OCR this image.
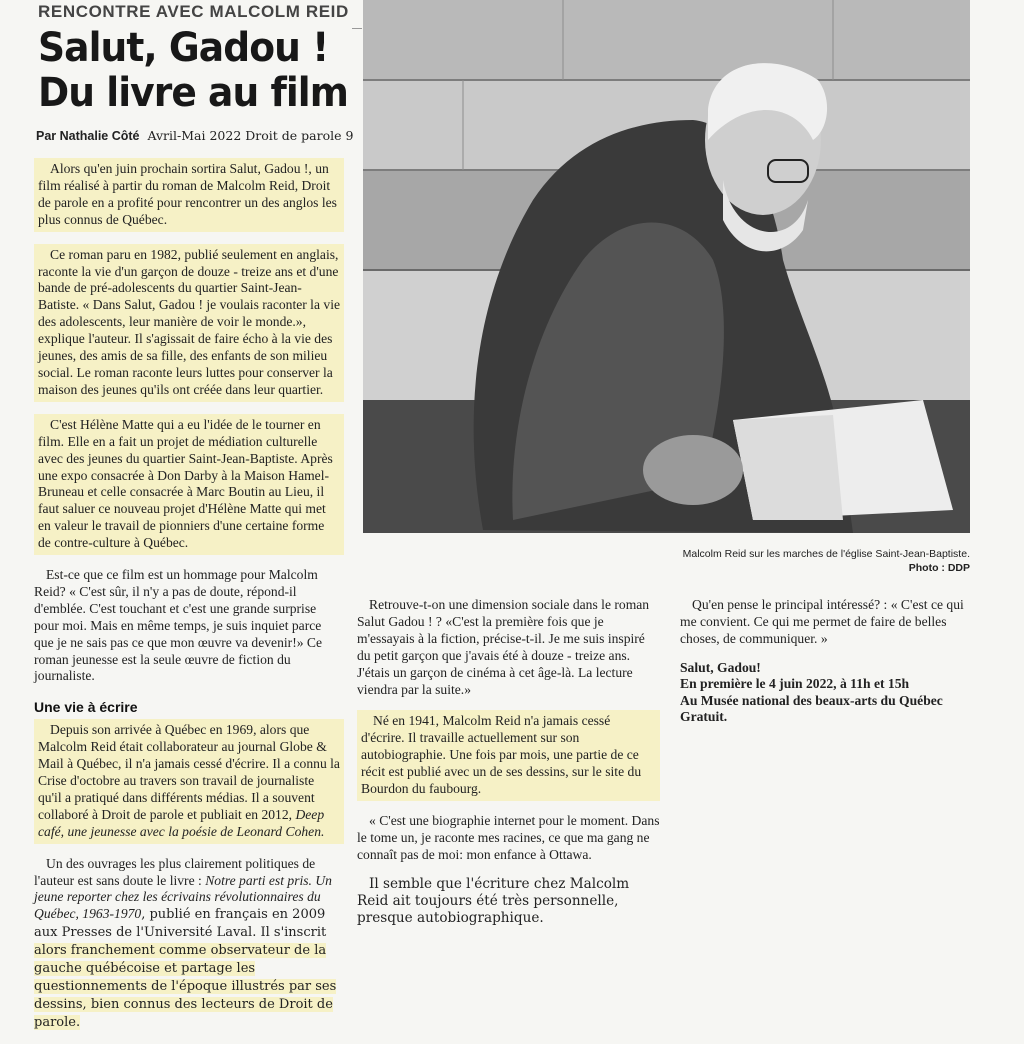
RENCONTRE AVEC MALCOLM REID
Salut, Gadou !
Du livre au film
Par Nathalie Côté Avril-Mai 2022 Droit de parole 9

Alors qu'en juin prochain sortira Salut, Gadou !, un film réalisé à partir du roman de Malcolm Reid, Droit de parole en a profité pour rencontrer un des anglos les plus connus de Québec.

Ce roman paru en 1982, publié seulement en anglais, raconte la vie d'un garçon de douze - treize ans et d'une bande de pré-adolescents du quartier Saint-Jean-Batiste. « Dans Salut, Gadou ! je voulais raconter la vie des adolescents, leur manière de voir le monde.», explique l'auteur. Il s'agissait de faire écho à la vie des jeunes, des amis de sa fille, des enfants de son milieu social. Le roman raconte leurs luttes pour conserver la maison des jeunes qu'ils ont créée dans leur quartier.

C'est Hélène Matte qui a eu l'idée de le tourner en film. Elle en a fait un projet de médiation culturelle avec des jeunes du quartier Saint-Jean-Baptiste. Après une expo consacrée à Don Darby à la Maison Hamel-Bruneau et celle consacrée à Marc Boutin au Lieu, il faut saluer ce nouveau projet d'Hélène Matte qui met en valeur le travail de pionniers d'une certaine forme de contre-culture à Québec.

Est-ce que ce film est un hommage pour Malcolm Reid? « C'est sûr, il n'y a pas de doute, répond-il d'emblée. C'est touchant et c'est une grande surprise pour moi. Mais en même temps, je suis inquiet parce que je ne sais pas ce que mon œuvre va devenir!» Ce roman jeunesse est la seule œuvre de fiction du journaliste.

Une vie à écrire

Depuis son arrivée à Québec en 1969, alors que Malcolm Reid était collaborateur au journal Globe & Mail à Québec, il n'a jamais cessé d'écrire. Il a connu la Crise d'octobre au travers son travail de journaliste qu'il a pratiqué dans différents médias. Il a souvent collaboré à Droit de parole et publiait en 2012, Deep café, une jeunesse avec la poésie de Leonard Cohen.

Un des ouvrages les plus clairement politiques de l'auteur est sans doute le livre : Notre parti est pris. Un jeune reporter chez les écrivains révolutionnaires du Québec, 1963-1970, publié en français en 2009 aux Presses de l'Université Laval. Il s'inscrit alors franchement comme observateur de la gauche québécoise et partage les questionnements de l'époque illustrés par ses dessins, bien connus des lecteurs de Droit de parole.

Malcolm Reid sur les marches de l'église Saint-Jean-Baptiste.
Photo : DDP

Retrouve-t-on une dimension sociale dans le roman Salut Gadou ! ? «C'est la première fois que je m'essayais à la fiction, précise-t-il. Je me suis inspiré du petit garçon que j'avais été à douze - treize ans. J'étais un garçon de cinéma à cet âge-là. La lecture viendra par la suite.»

Né en 1941, Malcolm Reid n'a jamais cessé d'écrire. Il travaille actuellement sur son autobiographie. Une fois par mois, une partie de ce récit est publié avec un de ses dessins, sur le site du Bourdon du faubourg.

« C'est une biographie internet pour le moment. Dans le tome un, je raconte mes racines, ce que ma gang ne connaît pas de moi: mon enfance à Ottawa.

Il semble que l'écriture chez Malcolm Reid ait toujours été très personnelle, presque autobiographique.

Qu'en pense le principal intéressé? : « C'est ce qui me convient. Ce qui me permet de faire de belles choses, de communiquer. »

Salut, Gadou!
En première le 4 juin 2022, à 11h et 15h
Au Musée national des beaux-arts du Québec
Gratuit.
